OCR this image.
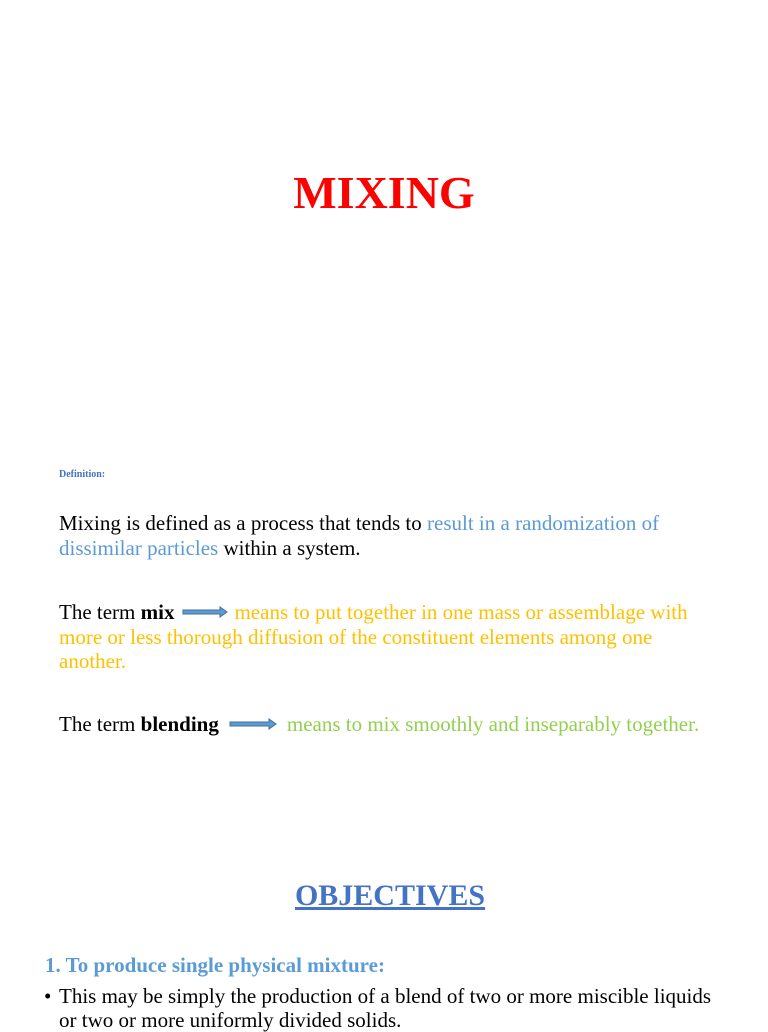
MIXING
Definition:
Mixing is defined as a process that tends to result in a randomization of dissimilar particles within a system.
The term mix	means to put together in one mass or assemblage with more or less thorough diffusion of the constituent elements among one another.
The term blending	means to mix smoothly and inseparably together.
OBJECTIVES
1. To produce single physical mixture:
• This may be simply the production of a blend of two or more miscible liquids or two or more uniformly divided solids.
